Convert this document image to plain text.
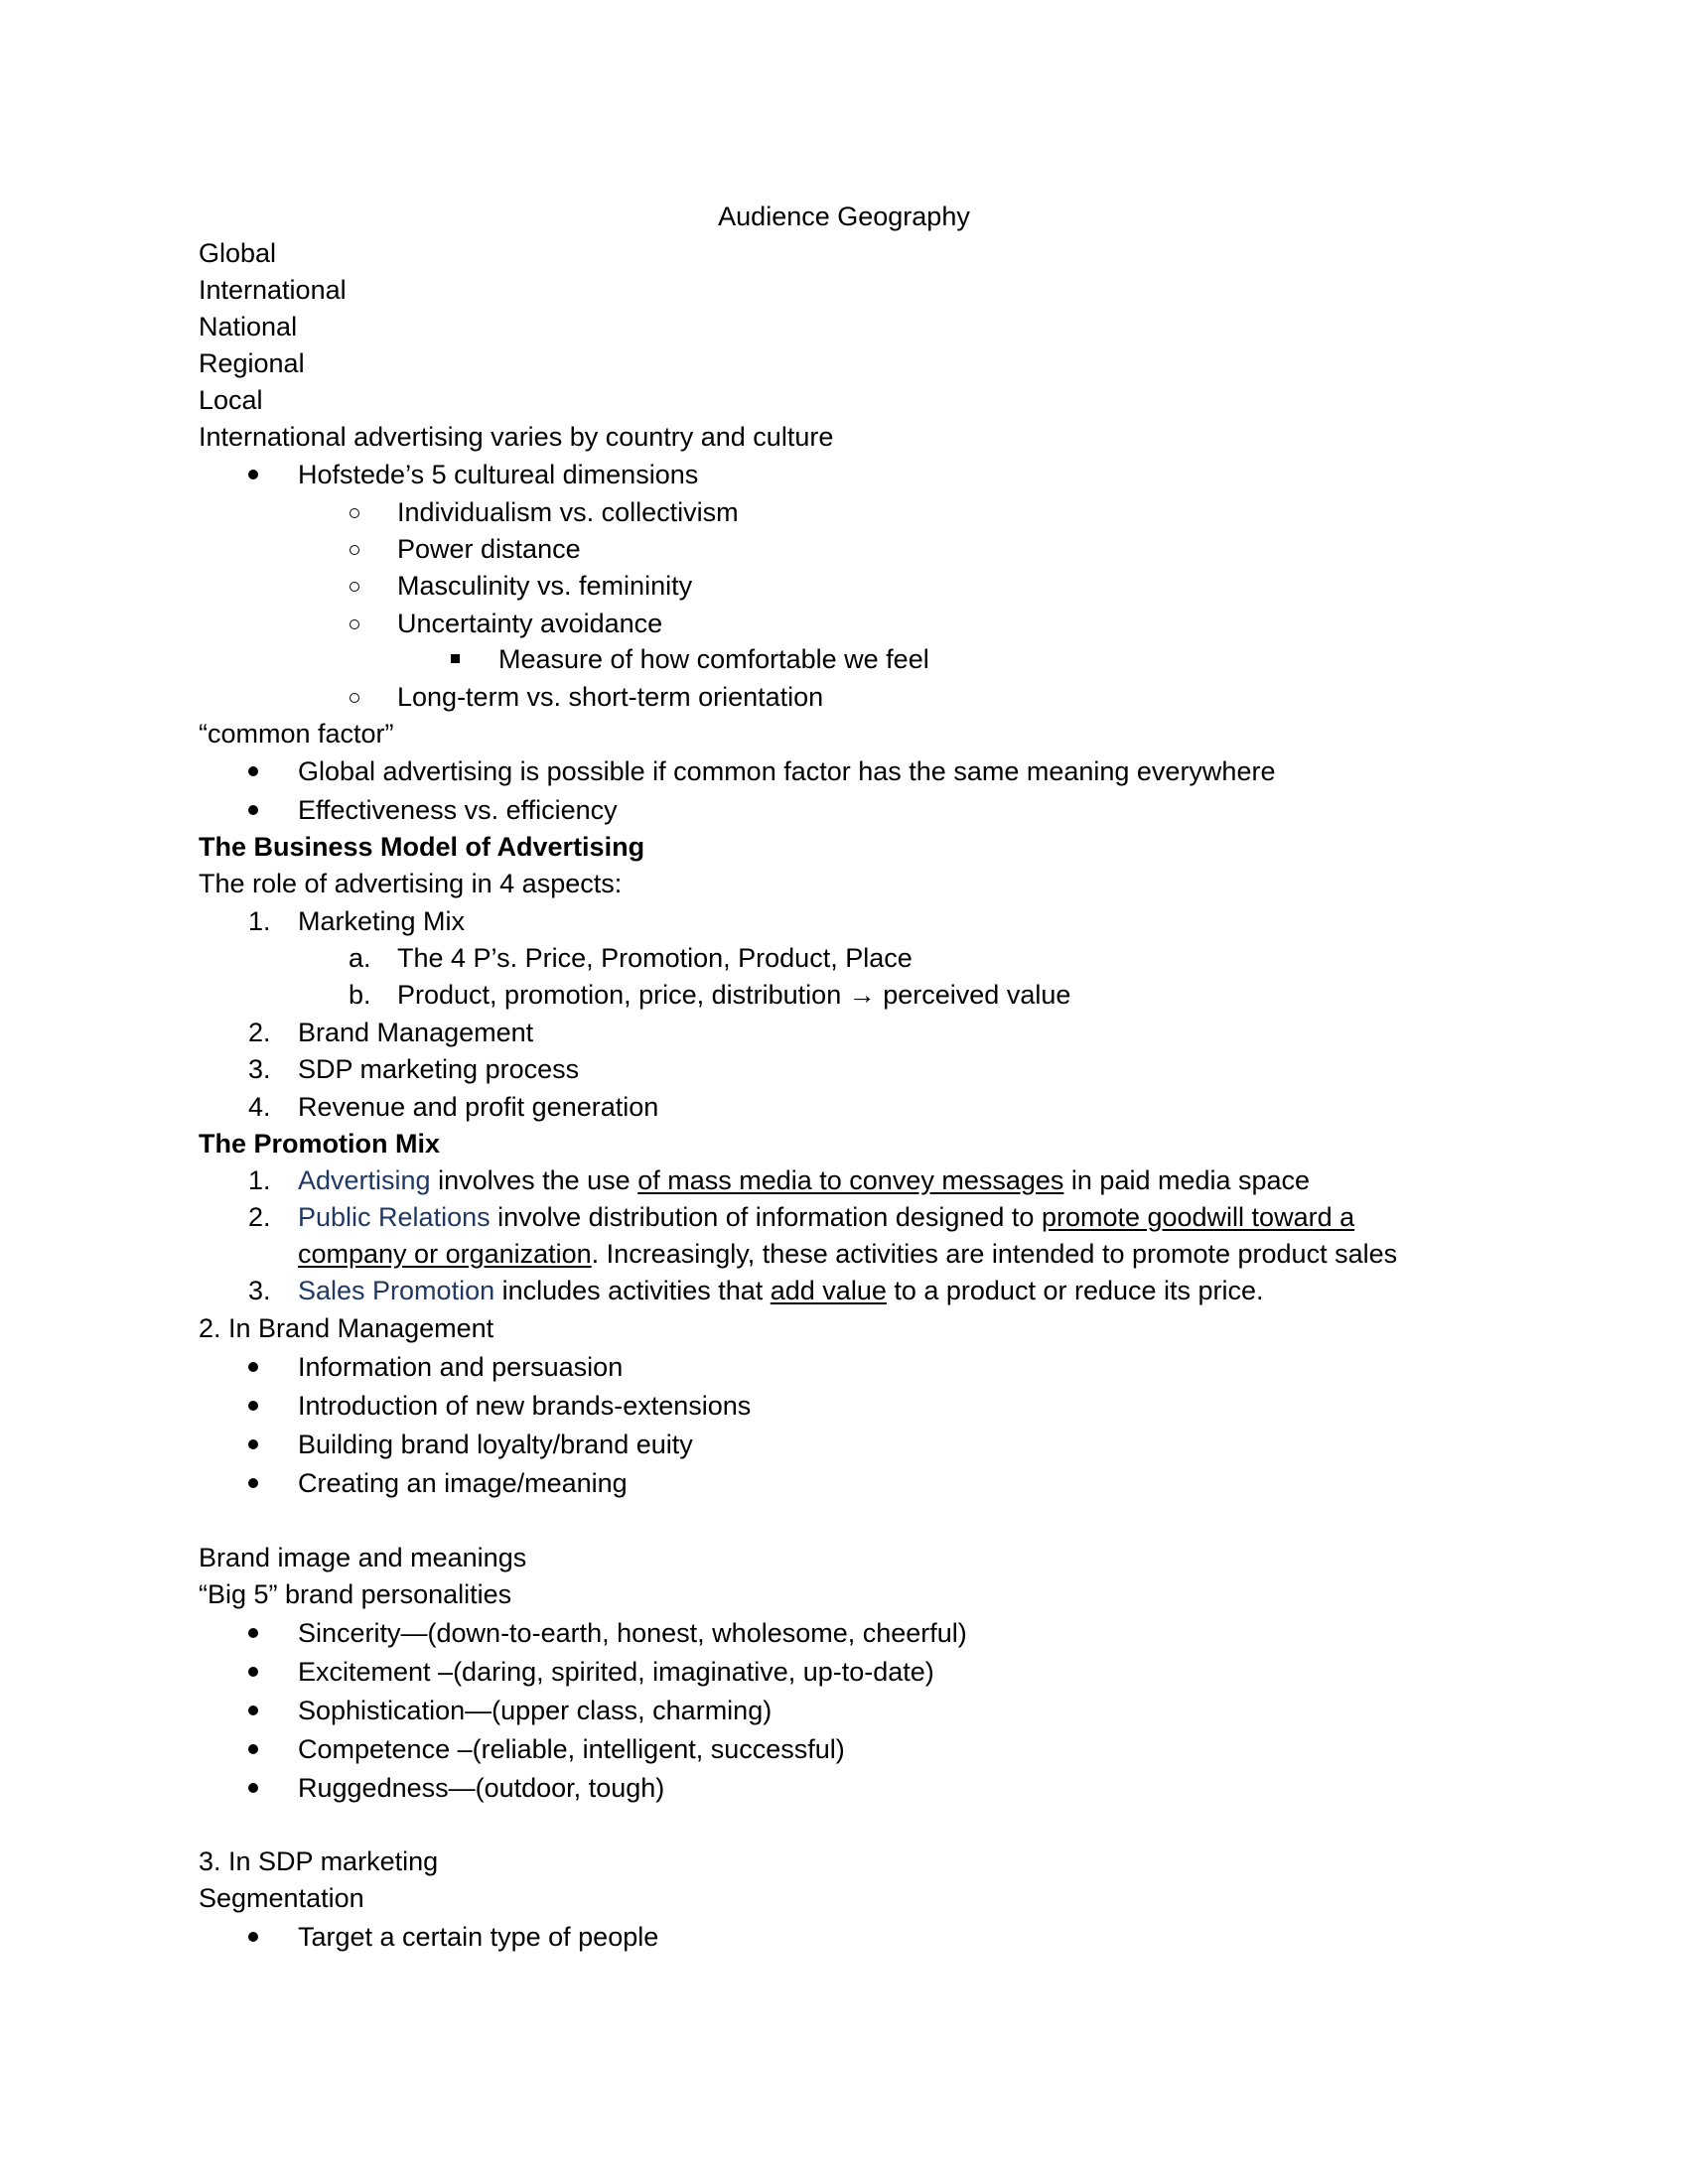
Audience Geography
Global
International
National
Regional
Local
International advertising varies by country and culture
Hofstede’s 5 cultureal dimensions
Individualism vs. collectivism
Power distance
Masculinity vs. femininity
Uncertainty avoidance
Measure of how comfortable we feel
Long-term vs. short-term orientation
“common factor”
Global advertising is possible if common factor has the same meaning everywhere
Effectiveness vs. efficiency
The Business Model of Advertising
The role of advertising in 4 aspects:
1. Marketing Mix
a. The 4 P’s. Price, Promotion, Product, Place
b. Product, promotion, price, distribution → perceived value
2. Brand Management
3. SDP marketing process
4. Revenue and profit generation
The Promotion Mix
1. Advertising involves the use of mass media to convey messages in paid media space
2. Public Relations involve distribution of information designed to promote goodwill toward a
company or organization. Increasingly, these activities are intended to promote product sales
3. Sales Promotion includes activities that add value to a product or reduce its price.
2. In Brand Management
Information and persuasion
Introduction of new brands-extensions
Building brand loyalty/brand euity
Creating an image/meaning
Brand image and meanings
“Big 5” brand personalities
Sincerity—(down-to-earth, honest, wholesome, cheerful)
Excitement –(daring, spirited, imaginative, up-to-date)
Sophistication—(upper class, charming)
Competence –(reliable, intelligent, successful)
Ruggedness—(outdoor, tough)
3. In SDP marketing
Segmentation
Target a certain type of people
